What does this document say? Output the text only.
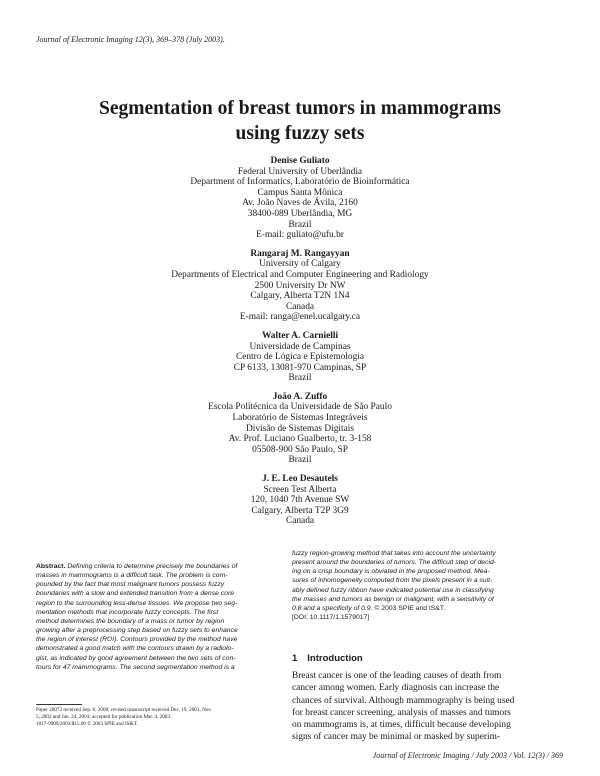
Journal of Electronic Imaging 12(3), 369–378 (July 2003).
Segmentation of breast tumors in mammograms
using fuzzy sets
Denise Guliato
Federal University of Uberlândia
Department of Informatics, Laboratório de Bioinformática
Campus Santa Mônica
Av. João Naves de Ávila, 2160
38400-089 Uberlândia, MG
Brazil
E-mail: guliato@ufu.br
Rangaraj M. Rangayyan
University of Calgary
Departments of Electrical and Computer Engineering and Radiology
2500 University Dr NW
Calgary, Alberta T2N 1N4
Canada
E-mail: ranga@enel.ucalgary.ca
Walter A. Carnielli
Universidade de Campinas
Centro de Lógica e Epistemologia
CP 6133, 13081-970 Campinas, SP
Brazil
João A. Zuffo
Escola Politécnica da Universidade de São Paulo
Laboratório de Sistemas Integráveis
Divisão de Sistemas Digitais
Av. Prof. Luciano Gualberto, tr. 3-158
05508-900 São Paulo, SP
Brazil
J. E. Leo Desautels
Screen Test Alberta
120, 1040 7th Avenue SW
Calgary, Alberta T2P 3G9
Canada
Abstract. Defining criteria to determine precisely the boundaries of
masses in mammograms is a difficult task. The problem is com-
pounded by the fact that most malignant tumors possess fuzzy
boundaries with a slow and extended transition from a dense core
region to the surrounding less-dense tissues. We propose two seg-
mentation methods that incorporate fuzzy concepts. The first
method determines the boundary of a mass or tumor by region
growing after a preprocessing step based on fuzzy sets to enhance
the region of interest (ROI). Contours provided by the method have
demonstrated a good match with the contours drawn by a radiolo-
gist, as indicated by good agreement between the two sets of con-
tours for 47 mammograms. The second segmentation method is a
Paper 20072 received Sep. 6, 2000; revised manuscript received Dec. 19, 2001, Nov.
5, 2002 and Jan. 24, 2003; accepted for publication Mar. 4, 2003.
1017-9909/2003/$15.00 © 2003 SPIE and IS&T.
fuzzy region-growing method that takes into account the uncertainty
present around the boundaries of tumors. The difficult step of decid-
ing on a crisp boundary is obviated in the proposed method. Mea-
sures of inhomogeneity computed from the pixels present in a suit-
ably defined fuzzy ribbon have indicated potential use in classifying
the masses and tumors as benign or malignant, with a sensitivity of
0.8 and a specificity of 0.9. © 2003 SPIE and IS&T.
[DOI: 10.1117/1.1579017]
1 Introduction
Breast cancer is one of the leading causes of death from
cancer among women. Early diagnosis can increase the
chances of survival. Although mammography is being used
for breast cancer screening, analysis of masses and tumors
on mammograms is, at times, difficult because developing
signs of cancer may be minimal or masked by superim-
Journal of Electronic Imaging / July 2003 / Vol. 12(3) / 369
